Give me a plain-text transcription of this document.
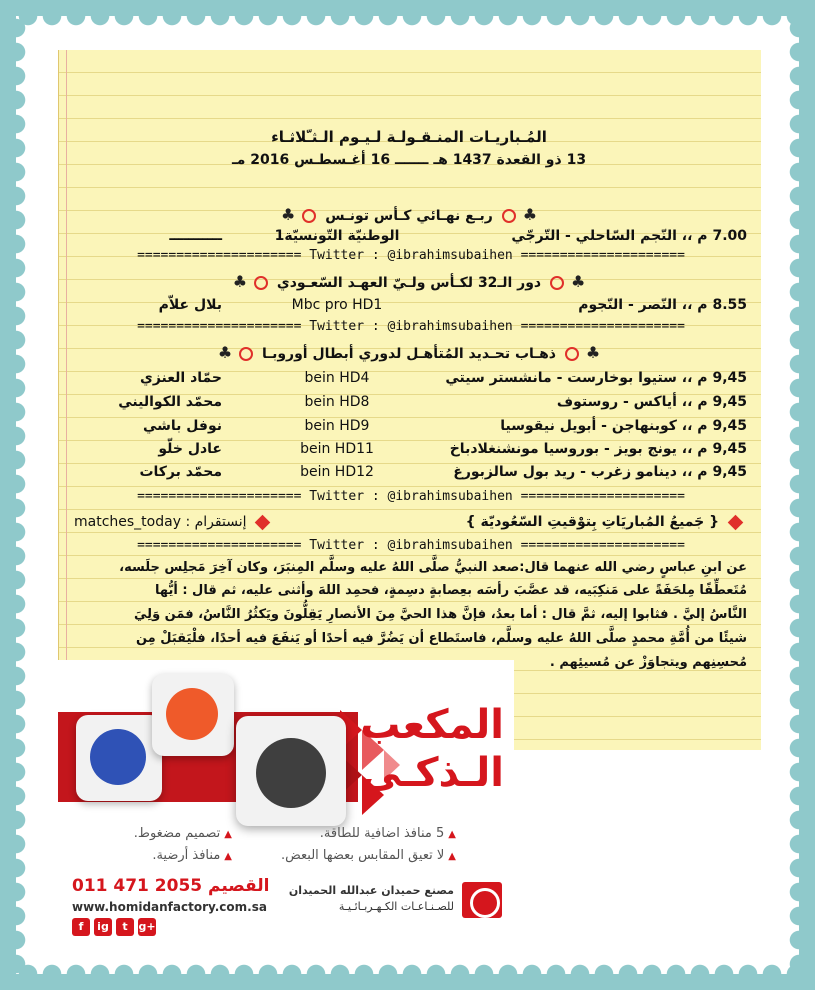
المُـباريـات المنـقـولـة لـيـوم الـثـّلاثـاء
13 ذو القعدة 1437 هـ ـــــــ 16 أغـسطـس 2016 مـ
♣ ربـع نهـائي كـأس تونـس ♣
7.00 م ،، النّجم السّاحلي - التّرجّي
الوطنيّة التّونسيّة1
ـــــــــــ
===================== Twitter : @ibrahimsubaihen =====================
♣ دور الـ32 لكـأس ولـيّ العهـد السّعـودي ♣
8.55 م ،، النّصر - النّجوم
Mbc pro HD1
بلال علاّم
===================== Twitter : @ibrahimsubaihen =====================
♣ ذهـاب تحـديد المُتأهـل لدوري أبطال أوروبـا ♣
9,45 م ،، ستيوا بوخارست - مانشستر سيتي
bein HD4
حمّاد العنزي
9,45 م ،، أياكس - روستوف
bein HD8
محمّد الكواليني
9,45 م ،، كوبنهاجن - أبويل نيقوسيا
bein HD9
نوفل باشي
9,45 م ،، يونج بويز - بوروسيا مونشنغلادباخ
bein HD11
عادل خلّو
9,45 م ،، دينامو زغرب - ريد بول سالزبورغ
bein HD12
محمّد بركات
===================== Twitter : @ibrahimsubaihen =====================
{ جَميعُ المُباريَاتِ بِتوْقيتِ السّعُوديّة }
إنستقرام : matches_today
===================== Twitter : @ibrahimsubaihen =====================
عن ابنِ عباسٍ رضي الله عنهما قال:صعد النبيُّ صلَّى اللهُ عليه وسلَّم المِنبَرَ، وكان آخِرَ مَجلِس جلَسه،
مُتَعطِّفًا مِلحَفَةً على مَنكِبَيه، قد عصَّبَ رأسَه بعِصابةٍ دسِمةٍ، فحمِد اللهَ وأثنى عليه، ثم قال : أيُّها
النَّاسُ إليَّ . فثابوا إليه، ثمَّ قال : أما بعدُ، فإنَّ هذا الحيَّ مِنَ الأنصارِ يَقِلُّونَ ويَكثُرُ النَّاسُ، فمَن وَلِيَ
شيئًا من أُمَّةِ محمدٍ صلَّى اللهُ عليه وسلَّم، فاستَطاع أن يَضُرَّ فيه أحدًا أو يَنفَعَ فيه أحدًا، فلْيَقبَلْ مِن
مُحسِنِهم ويتجاوَزْ عن مُسيئِهم .
المكعب
الـذكـي
▲5 منافذ اضافية للطاقة.
▲تصميم مضغوط.
▲لا تعيق المقابس بعضها البعض.
▲منافذ أرضية.
القصيم
011 471 2055
www.homidanfactory.com.sa
f	ig	t g+
مصنع حميدان عبدالله الحميدان
للصـنـاعـات الكـهـربـائـيـة
